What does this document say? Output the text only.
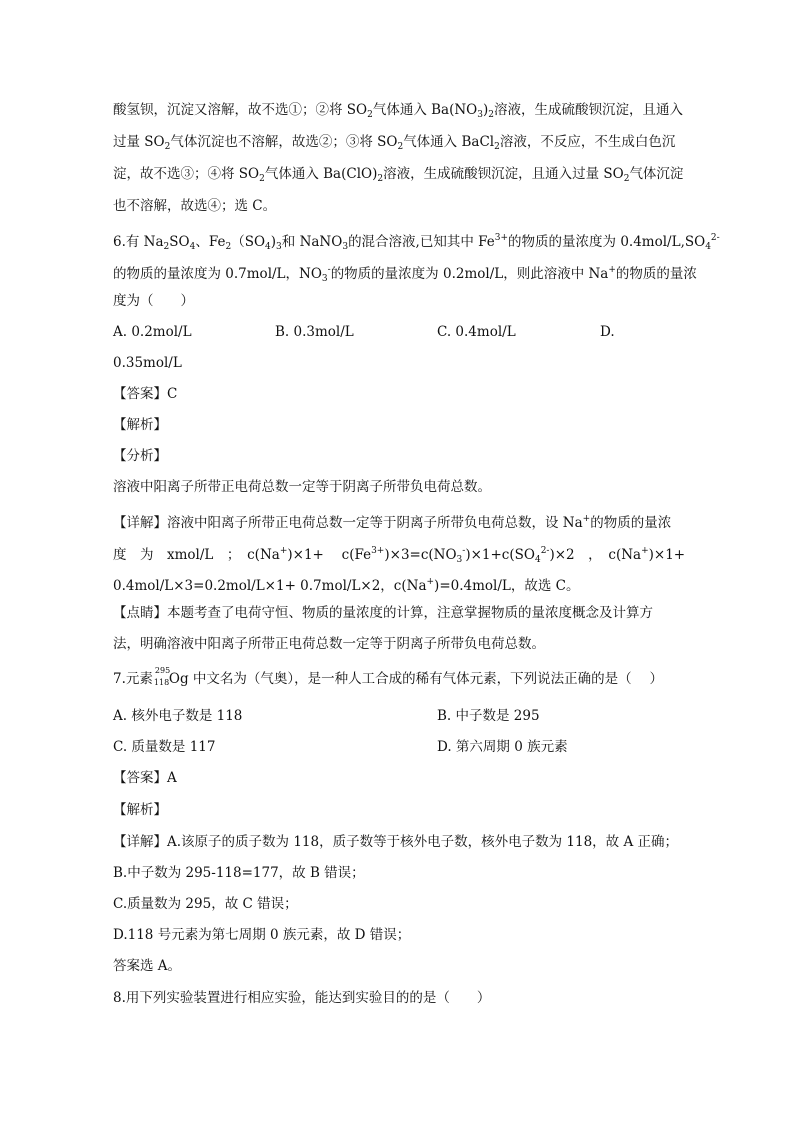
酸氢钡，沉淀又溶解，故不选①；②将 $SO_2$气体通入 $Ba(NO_3)_2$溶液，生成硫酸钡沉淀，且通入
过量 $SO_2$气体沉淀也不溶解，故选②；③将 $SO_2$气体通入 BaCl$_2$溶液，不反应，不生成白色沉
淀，故不选③；④将 $SO_2$气体通入 $Ba(ClO)_2$溶液，生成硫酸钡沉淀，且通入过量 $SO_2$气体沉淀
也不溶解，故选④；选 C。
6.有 $Na_2SO_4$、$Fe_2(SO_4)_3$和 NaNO$_3$的混合溶液,已知其中 $Fe^{3+}$的物质的量浓度为 $0.4mol/L,SO_4^{2-}$
的物质的量浓度为 0.7mol/L，$NO_3^-$的物质的量浓度为 0.2mol/L，则此溶液中 Na+的物质的量浓
度为（　　）
A. 0.2mol/L	B. 0.3mol/L	C. 0.4mol/L	D.
0.35mol/L
【答案】C
【解析】
【分析】
溶液中阳离子所带正电荷总数一定等于阴离子所带负电荷总数。
【详解】溶液中阳离子所带正电荷总数一定等于阴离子所带负电荷总数，设 Na+的物质的量浓
度　为　xmol/L　；　c(Na+)×1+　 $c(Fe^{3+})\times 3=c(NO_3^-)\times 1+c(SO_4^{2-})\times 2$　，　c(Na+)×1+
0.4mol/L×3=0.2mol/L×1+ 0.7mol/L×2，c(Na+)=0.4mol/L，故选 C。
【点睛】本题考查了电荷守恒、物质的量浓度的计算，注意掌握物质的量浓度概念及计算方
法，明确溶液中阳离子所带正电荷总数一定等于阴离子所带负电荷总数。
7.元素
295
118 Og 中文名为（气奥），是一种人工合成的稀有气体元素，下列说法正确的是（　 ）
A. 核外电子数是 118	B. 中子数是 295
C. 质量数是 117	D. 第六周期 0 族元素
【答案】A
【解析】
【详解】A.该原子的质子数为 118，质子数等于核外电子数，核外电子数为 118，故 A 正确；
B.中子数为 295-118=177，故 B 错误；
C.质量数为 295，故 C 错误；
D.118 号元素为第七周期 0 族元素，故 D 错误；
答案选 A。
8.用下列实验装置进行相应实验，能达到实验目的的是（　　）
